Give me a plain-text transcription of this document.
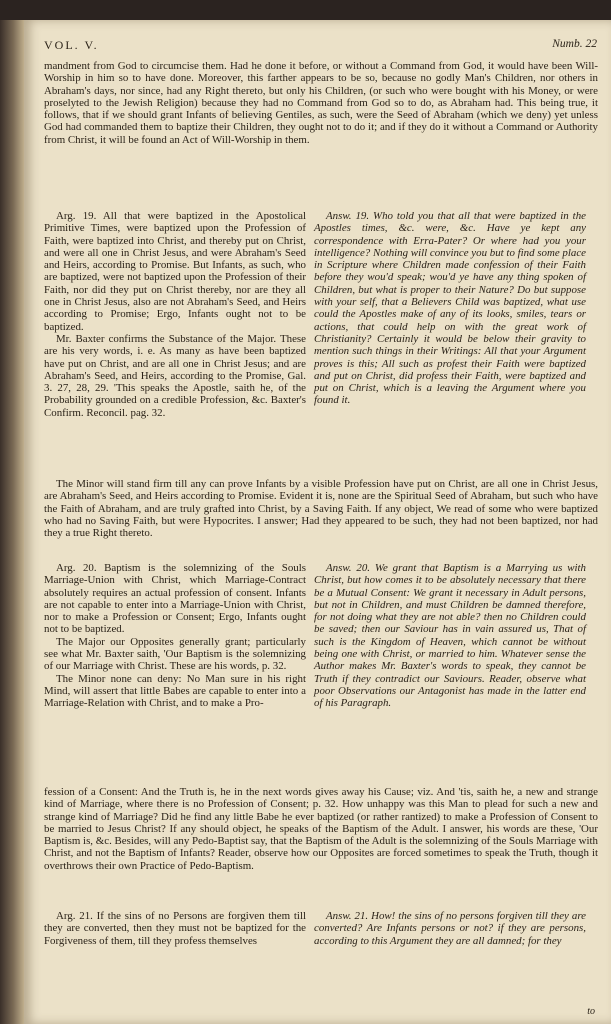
VOL. V.	Numb. 22

mandment from God to circumcise them. Had he done it before, or without a Command from God, it would have been Will-Worship in him so to have done. Moreover, this farther appears to be so, because no godly Man's Children, nor others in Abraham's days, nor since, had any Right thereto, but only his Children, (or such who were bought with his Money, or were proselyted to the Jewish Religion) because they had no Command from God so to do, as Abraham had. This being true, it follows, that if we should grant Infants of believing Gentiles, as such, were the Seed of Abraham (which we deny) yet unless God had commanded them to baptize their Children, they ought not to do it; and if they do it without a Command or Authority from Christ, it will be found an Act of Will-Worship in them.

Arg. 19. All that were baptized in the Apostolical Primitive Times, were baptized upon the Profession of Faith, were baptized into Christ, and thereby put on Christ, and were all one in Christ Jesus, and were Abraham's Seed and Heirs, according to Promise. But Infants, as such, who are baptized, were not baptized upon the Profession of their Faith, nor did they put on Christ thereby, nor are they all one in Christ Jesus, also are not Abraham's Seed, and Heirs according to Promise; Ergo, Infants ought not to be baptized.

Mr. Baxter confirms the Substance of the Major. These are his very words, i. e. As many as have been baptized have put on Christ, and are all one in Christ Jesus; and are Abraham's Seed, and Heirs, according to the Promise, Gal. 3. 27, 28, 29. 'This speaks the Apostle, saith he, of the Probability grounded on a credible Profession, &c. Baxter's Confirm. Reconcil. pag. 32.

Answ. 19. Who told you that all that were baptized in the Apostles times, &c. were, &c. Have ye kept any correspondence with Erra-Pater? Or where had you your intelligence? Nothing will convince you but to find some place in Scripture where Children made confession of their Faith before they wou'd speak; wou'd ye have any thing spoken of Children, but what is proper to their Nature? Do but suppose with your self, that a Believers Child was baptized, what use could the Apostles make of any of its looks, smiles, tears or actions, that could help on with the great work of Christianity? Certainly it would be below their gravity to mention such things in their Writings: All that your Argument proves is this; All such as profest their Faith were baptized and put on Christ, did profess their Faith, were baptized and put on Christ, which is a leaving the Argument where you found it.

The Minor will stand firm till any can prove Infants by a visible Profession have put on Christ, are all one in Christ Jesus, are Abraham's Seed, and Heirs according to Promise. Evident it is, none are the Spiritual Seed of Abraham, but such who have the Faith of Abraham, and are truly grafted into Christ, by a Saving Faith. If any object, We read of some who were baptized who had no Saving Faith, but were Hypocrites. I answer; Had they appeared to be such, they had not been baptized, nor had they a true Right thereto.

Arg. 20. Baptism is the solemnizing of the Souls Marriage-Union with Christ, which Marriage-Contract absolutely requires an actual profession of consent. Infants are not capable to enter into a Marriage-Union with Christ, nor to make a Profession or Consent; Ergo, Infants ought not to be baptized.

The Major our Opposites generally grant; particularly see what Mr. Baxter saith, 'Our Baptism is the solemnizing of our Marriage with Christ. These are his words, p. 32.

The Minor none can deny: No Man sure in his right Mind, will assert that little Babes are capable to enter into a Marriage-Relation with Christ, and to make a Pro-

Answ. 20. We grant that Baptism is a Marrying us with Christ, but how comes it to be absolutely necessary that there be a Mutual Consent: We grant it necessary in Adult persons, but not in Children, and must Children be damned therefore, for not doing what they are not able? then no Children could be saved; then our Saviour has in vain assured us, That of such is the Kingdom of Heaven, which cannot be without being one with Christ, or married to him. Whatever sense the Author makes Mr. Baxter's words to speak, they cannot be Truth if they contradict our Saviours. Reader, observe what poor Observations our Antagonist has made in the latter end of his Paragraph.

fession of a Consent: And the Truth is, he in the next words gives away his Cause; viz. And 'tis, saith he, a new and strange kind of Marriage, where there is no Profession of Consent; p. 32. How unhappy was this Man to plead for such a new and strange kind of Marriage? Did he find any little Babe he ever baptized (or rather rantized) to make a Profession of Consent to be married to Jesus Christ? If any should object, he speaks of the Baptism of the Adult. I answer, his words are these, 'Our Baptism is, &c. Besides, will any Pedo-Baptist say, that the Baptism of the Adult is the solemnizing of the Souls Marriage with Christ, and not the Baptism of Infants? Reader, observe how our Opposites are forced sometimes to speak the Truth, though it overthrows their own Practice of Pedo-Baptism.

Arg. 21. If the sins of no Persons are forgiven them till they are converted, then they must not be baptized for the Forgiveness of them, till they profess themselves

Answ. 21. How! the sins of no persons forgiven till they are converted? Are Infants persons or not? if they are persons, according to this Argument they are all damned; for they

to
